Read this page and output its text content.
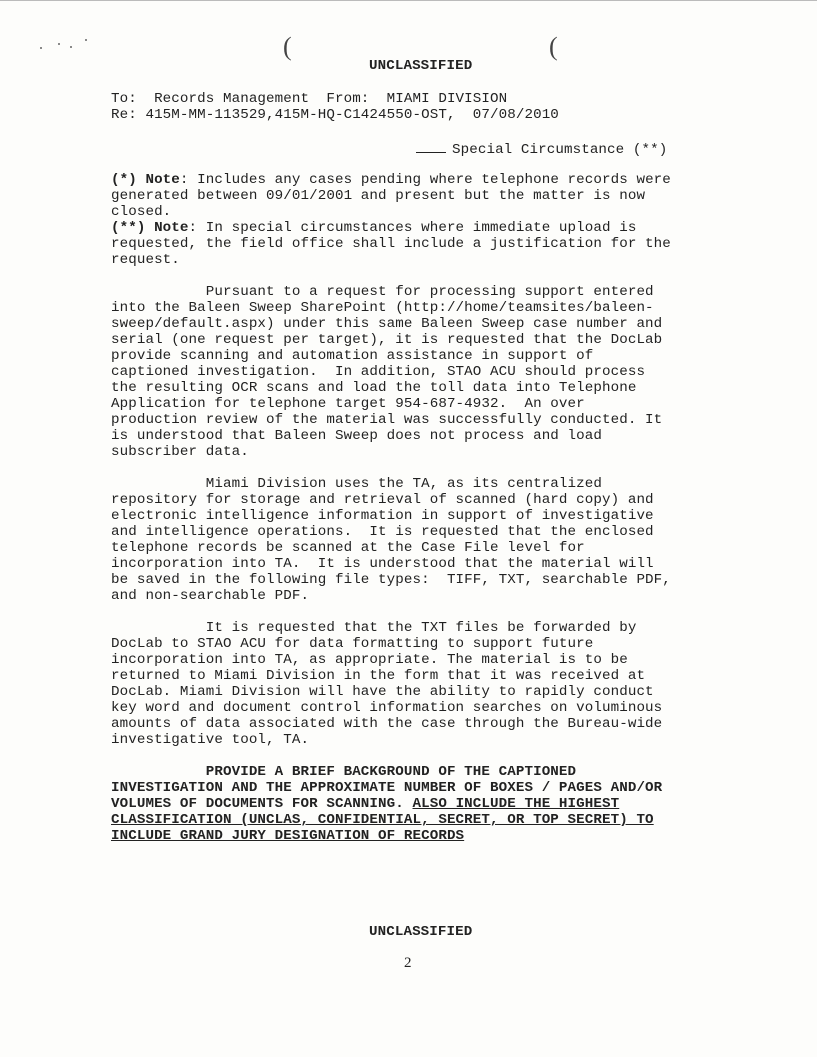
(	(
UNCLASSIFIED
To:  Records Management  From:  MIAMI DIVISION
Re: 415M-MM-113529,415M-HQ-C1424550-OST,  07/08/2010
Special Circumstance (**)
(*) Note: Includes any cases pending where telephone records were
generated between 09/01/2001 and present but the matter is now
closed.
(**) Note: In special circumstances where immediate upload is
requested, the field office shall include a justification for the
request.
Pursuant to a request for processing support entered
into the Baleen Sweep SharePoint (http://home/teamsites/baleen-
sweep/default.aspx) under this same Baleen Sweep case number and
serial (one request per target), it is requested that the DocLab
provide scanning and automation assistance in support of
captioned investigation.  In addition, STAO ACU should process
the resulting OCR scans and load the toll data into Telephone
Application for telephone target 954-687-4932.  An over
production review of the material was successfully conducted. It
is understood that Baleen Sweep does not process and load
subscriber data.
Miami Division uses the TA, as its centralized
repository for storage and retrieval of scanned (hard copy) and
electronic intelligence information in support of investigative
and intelligence operations.  It is requested that the enclosed
telephone records be scanned at the Case File level for
incorporation into TA.  It is understood that the material will
be saved in the following file types:  TIFF, TXT, searchable PDF,
and non-searchable PDF.
It is requested that the TXT files be forwarded by
DocLab to STAO ACU for data formatting to support future
incorporation into TA, as appropriate. The material is to be
returned to Miami Division in the form that it was received at
DocLab. Miami Division will have the ability to rapidly conduct
key word and document control information searches on voluminous
amounts of data associated with the case through the Bureau-wide
investigative tool, TA.
PROVIDE A BRIEF BACKGROUND OF THE CAPTIONED
INVESTIGATION AND THE APPROXIMATE NUMBER OF BOXES / PAGES AND/OR
VOLUMES OF DOCUMENTS FOR SCANNING. ALSO INCLUDE THE HIGHEST
CLASSIFICATION (UNCLAS, CONFIDENTIAL, SECRET, OR TOP SECRET) TO
INCLUDE GRAND JURY DESIGNATION OF RECORDS
UNCLASSIFIED
2
